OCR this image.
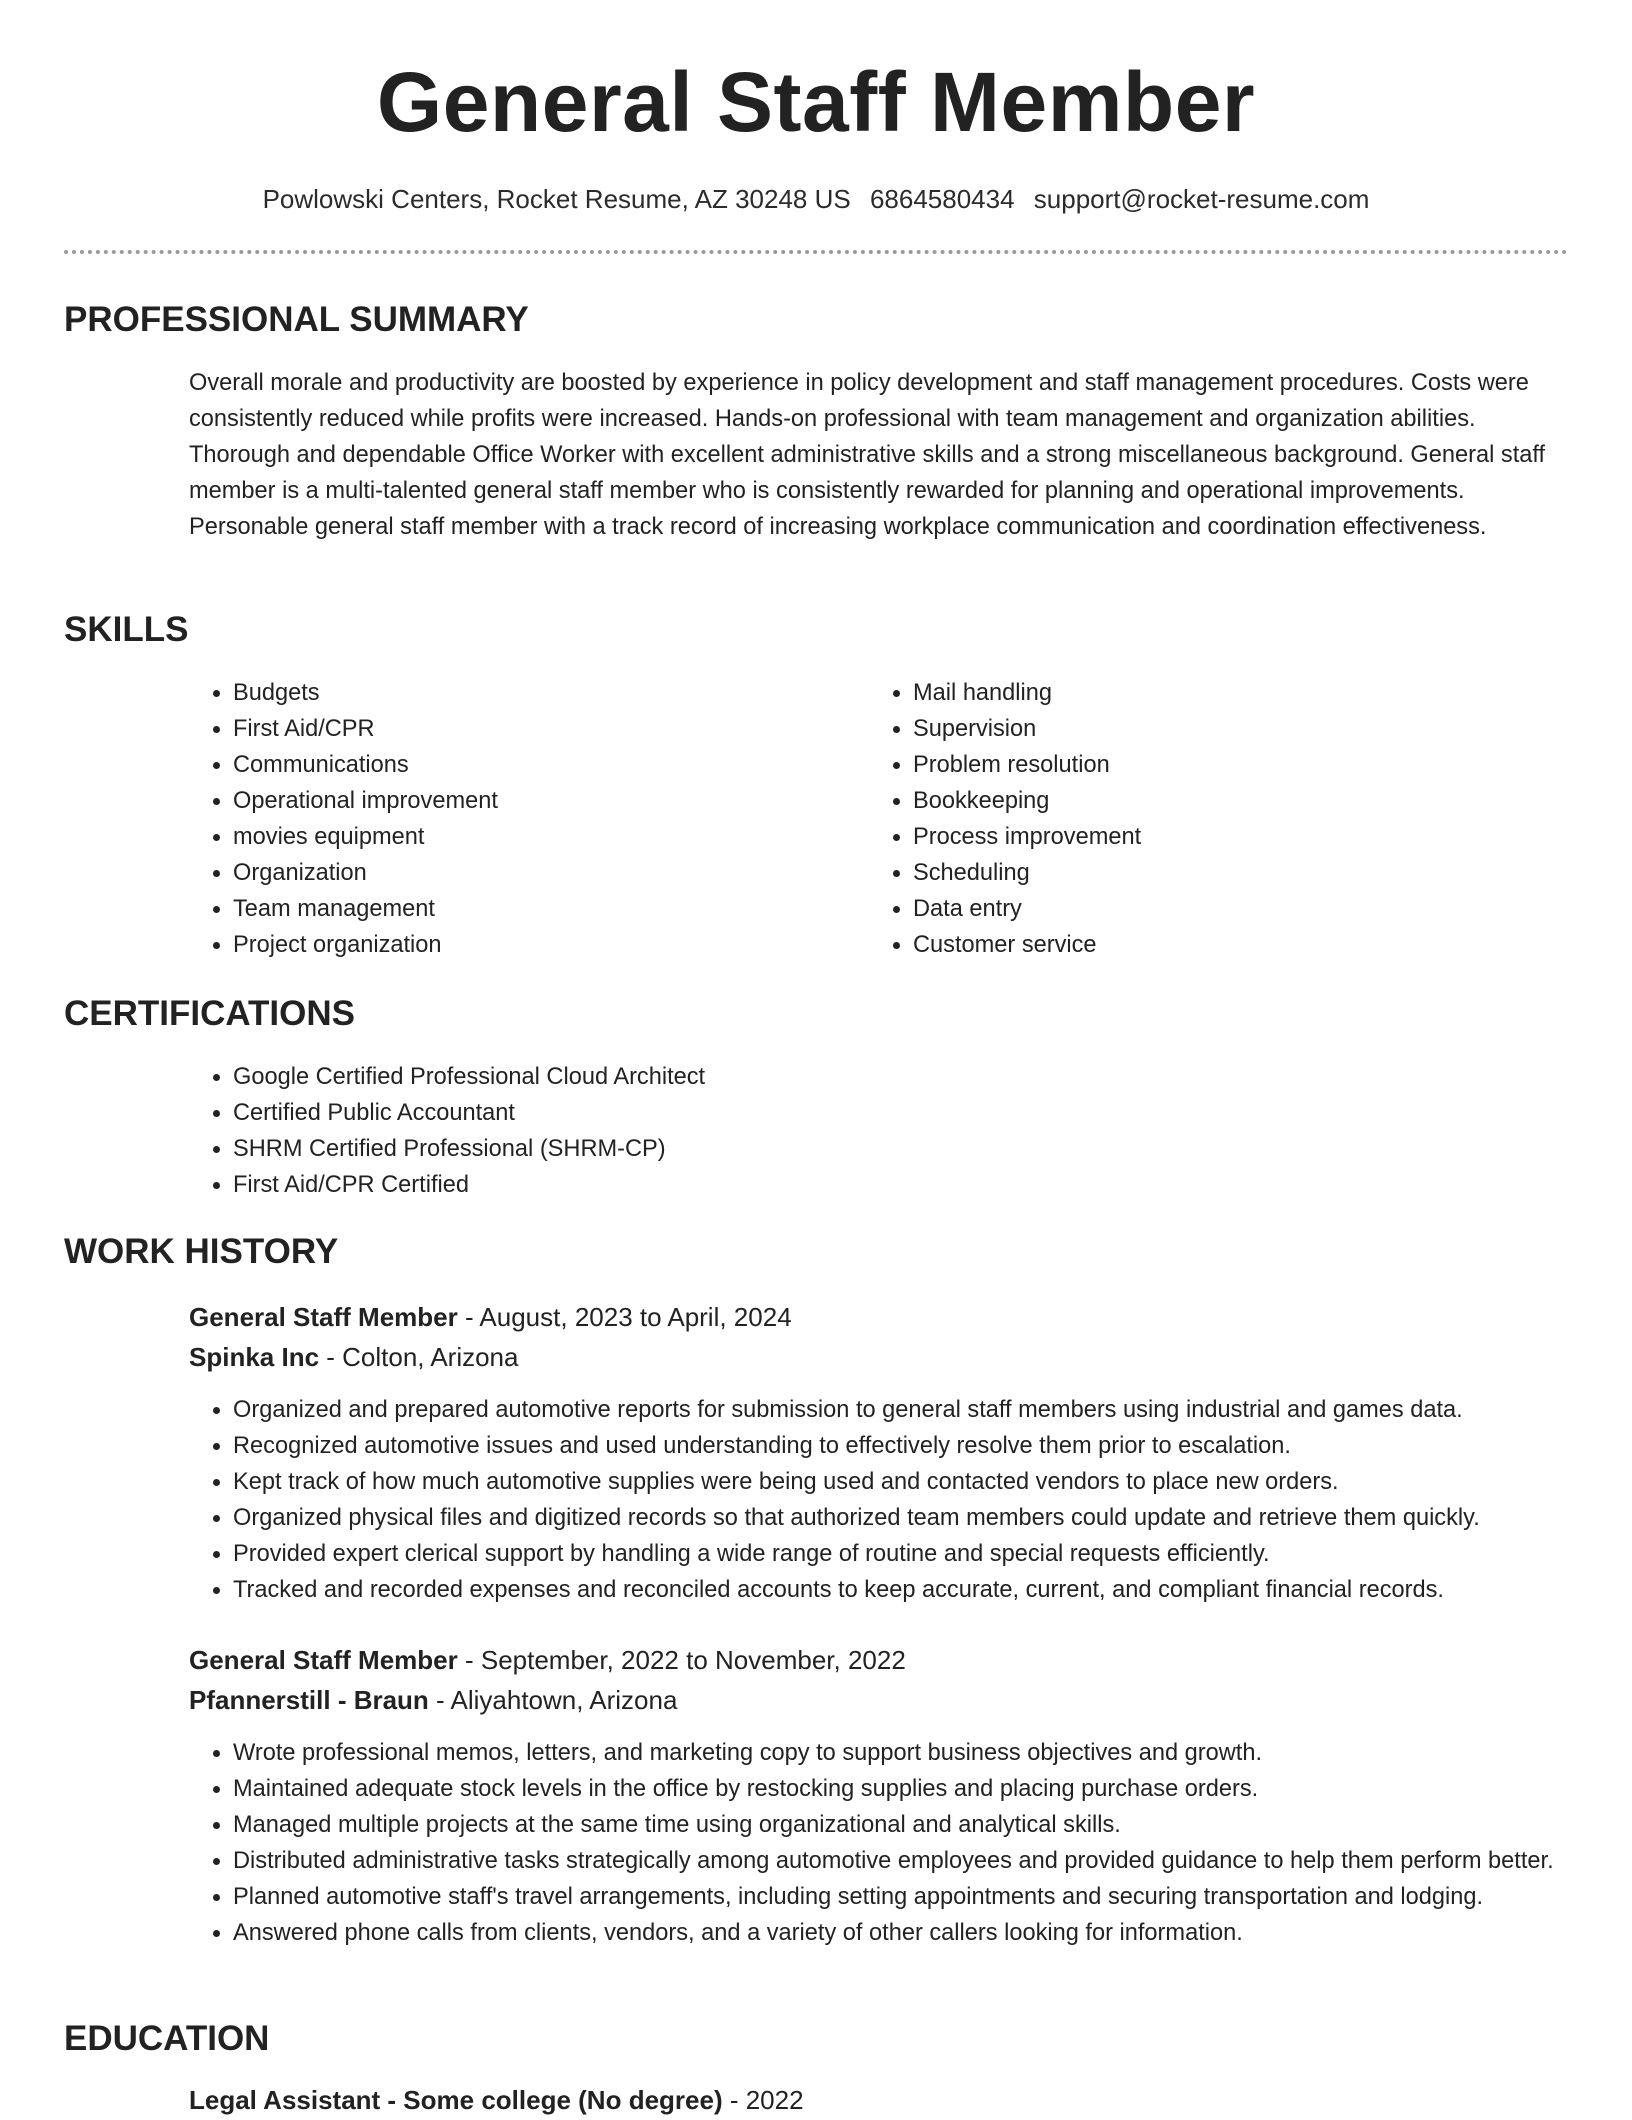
General Staff Member
Powlowski Centers, Rocket Resume, AZ 30248 US 6864580434 support@rocket-resume.com
PROFESSIONAL SUMMARY

Overall morale and productivity are boosted by experience in policy development and staff management procedures. Costs were consistently reduced while profits were increased. Hands-on professional with team management and organization abilities. Thorough and dependable Office Worker with excellent administrative skills and a strong miscellaneous background. General staff member is a multi-talented general staff member who is consistently rewarded for planning and operational improvements. Personable general staff member with a track record of increasing workplace communication and coordination effectiveness.

SKILLS
• Budgets
• First Aid/CPR
• Communications
• Operational improvement
• movies equipment
• Organization
• Team management
• Project organization
• Mail handling
• Supervision
• Problem resolution
• Bookkeeping
• Process improvement
• Scheduling
• Data entry
• Customer service
CERTIFICATIONS
• Google Certified Professional Cloud Architect
• Certified Public Accountant
• SHRM Certified Professional (SHRM-CP)
• First Aid/CPR Certified
WORK HISTORY
General Staff Member - August, 2023 to April, 2024
Spinka Inc - Colton, Arizona
• Organized and prepared automotive reports for submission to general staff members using industrial and games data.
• Recognized automotive issues and used understanding to effectively resolve them prior to escalation.
• Kept track of how much automotive supplies were being used and contacted vendors to place new orders.
• Organized physical files and digitized records so that authorized team members could update and retrieve them quickly.
• Provided expert clerical support by handling a wide range of routine and special requests efficiently.
• Tracked and recorded expenses and reconciled accounts to keep accurate, current, and compliant financial records.
General Staff Member - September, 2022 to November, 2022
Pfannerstill - Braun - Aliyahtown, Arizona
• Wrote professional memos, letters, and marketing copy to support business objectives and growth.
• Maintained adequate stock levels in the office by restocking supplies and placing purchase orders.
• Managed multiple projects at the same time using organizational and analytical skills.
• Distributed administrative tasks strategically among automotive employees and provided guidance to help them perform better.
• Planned automotive staff's travel arrangements, including setting appointments and securing transportation and lodging.
• Answered phone calls from clients, vendors, and a variety of other callers looking for information.
EDUCATION
Legal Assistant - Some college (No degree) - 2022
